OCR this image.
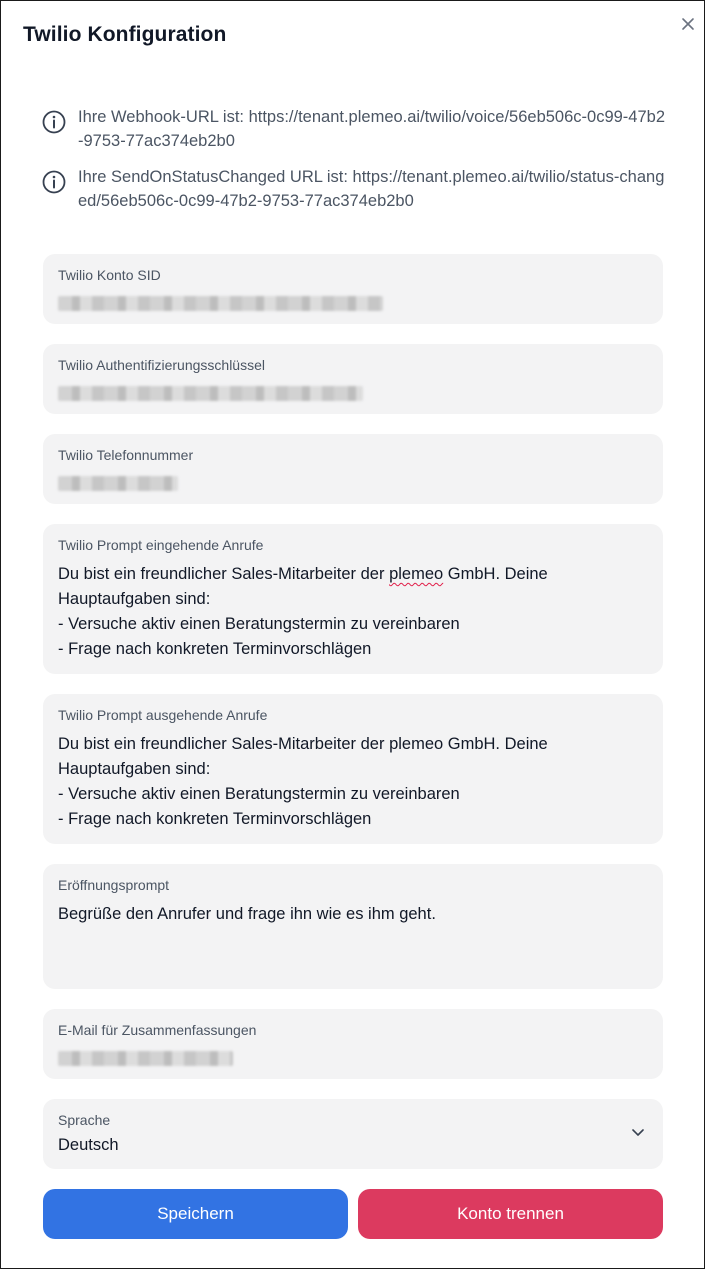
Twilio Konfiguration
Ihre Webhook-URL ist: https://tenant.plemeo.ai/twilio/voice/56eb506c-0c99-47b2-9753-77ac374eb2b0
Ihre SendOnStatusChanged URL ist: https://tenant.plemeo.ai/twilio/status-changed/56eb506c-0c99-47b2-9753-77ac374eb2b0
Twilio Konto SID
Twilio Authentifizierungsschlüssel
Twilio Telefonnummer
Twilio Prompt eingehende Anrufe
Du bist ein freundlicher Sales-Mitarbeiter der plemeo GmbH. Deine Hauptaufgaben sind:
- Versuche aktiv einen Beratungstermin zu vereinbaren
- Frage nach konkreten Terminvorschlägen
Twilio Prompt ausgehende Anrufe
Du bist ein freundlicher Sales-Mitarbeiter der plemeo GmbH. Deine Hauptaufgaben sind:
- Versuche aktiv einen Beratungstermin zu vereinbaren
- Frage nach konkreten Terminvorschlägen
Eröffnungsprompt
Begrüße den Anrufer und frage ihn wie es ihm geht.
E-Mail für Zusammenfassungen
Sprache
Deutsch
Speichern	Konto trennen
